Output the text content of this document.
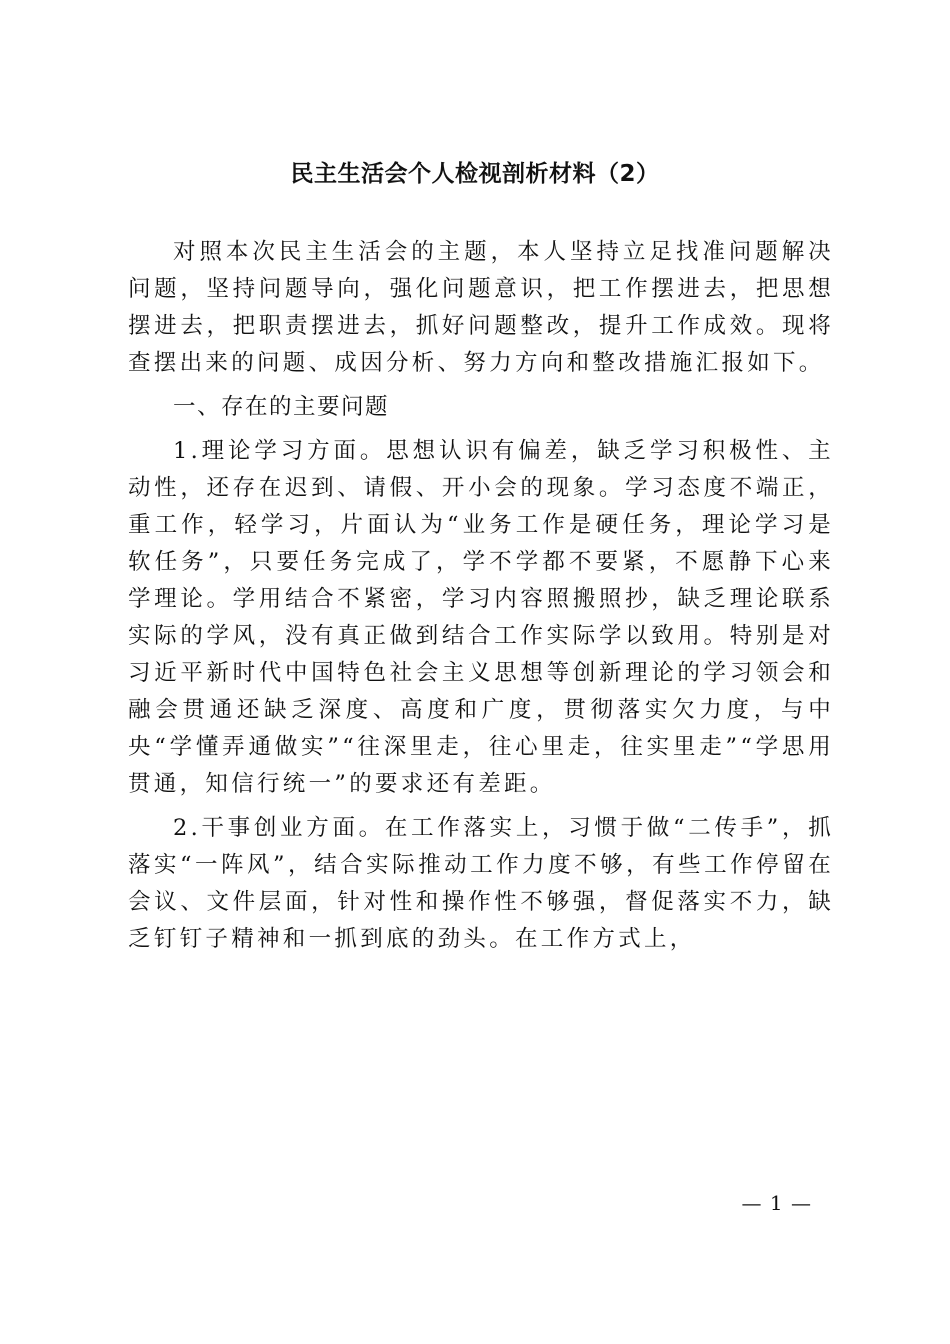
民主生活会个人检视剖析材料（2）

对照本次民主生活会的主题，本人坚持立足找准问题解决问题，坚持问题导向，强化问题意识，把工作摆进去，把思想摆进去，把职责摆进去，抓好问题整改，提升工作成效。现将查摆出来的问题、成因分析、努力方向和整改措施汇报如下。

一、存在的主要问题

1.理论学习方面。思想认识有偏差，缺乏学习积极性、主动性，还存在迟到、请假、开小会的现象。学习态度不端正，重工作，轻学习，片面认为“业务工作是硬任务，理论学习是软任务”，只要任务完成了，学不学都不要紧，不愿静下心来学理论。学用结合不紧密，学习内容照搬照抄，缺乏理论联系实际的学风，没有真正做到结合工作实际学以致用。特别是对习近平新时代中国特色社会主义思想等创新理论的学习领会和融会贯通还缺乏深度、高度和广度，贯彻落实欠力度，与中央“学懂弄通做实”“往深里走，往心里走，往实里走”“学思用贯通，知信行统一”的要求还有差距。

2.干事创业方面。在工作落实上，习惯于做“二传手”，抓落实“一阵风”，结合实际推动工作力度不够，有些工作停留在会议、文件层面，针对性和操作性不够强，督促落实不力，缺乏钉钉子精神和一抓到底的劲头。在工作方式上，

— 1 —
